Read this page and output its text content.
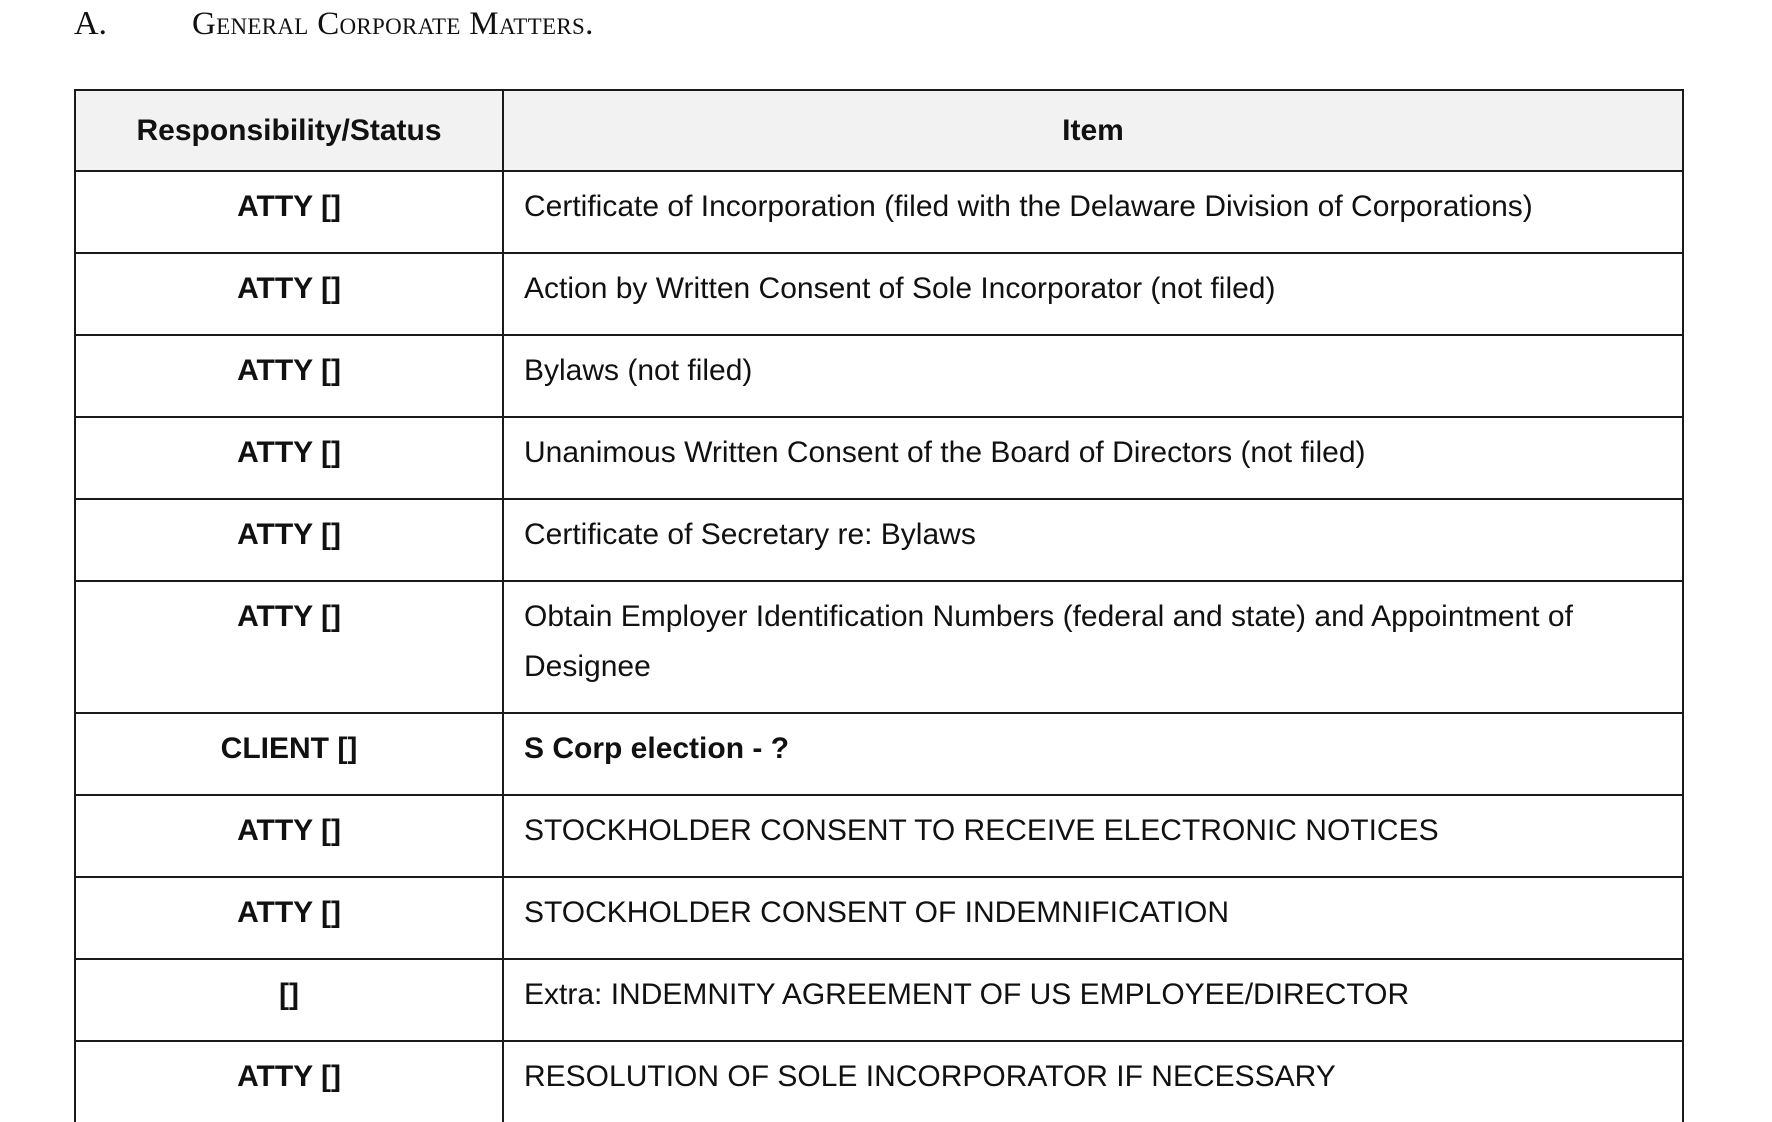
A.	General Corporate Matters.
Responsibility/Status	Item
ATTY []	Certificate of Incorporation (filed with the Delaware Division of Corporations)
ATTY []	Action by Written Consent of Sole Incorporator (not filed)
ATTY []	Bylaws (not filed)
ATTY []	Unanimous Written Consent of the Board of Directors (not filed)
ATTY []	Certificate of Secretary re: Bylaws
ATTY []	Obtain Employer Identification Numbers (federal and state) and Appointment of Designee
CLIENT []	S Corp election - ?
ATTY []	STOCKHOLDER CONSENT TO RECEIVE ELECTRONIC NOTICES
ATTY []	STOCKHOLDER CONSENT OF INDEMNIFICATION
[]	Extra: INDEMNITY AGREEMENT OF US EMPLOYEE/DIRECTOR
ATTY []	RESOLUTION OF SOLE INCORPORATOR IF NECESSARY
